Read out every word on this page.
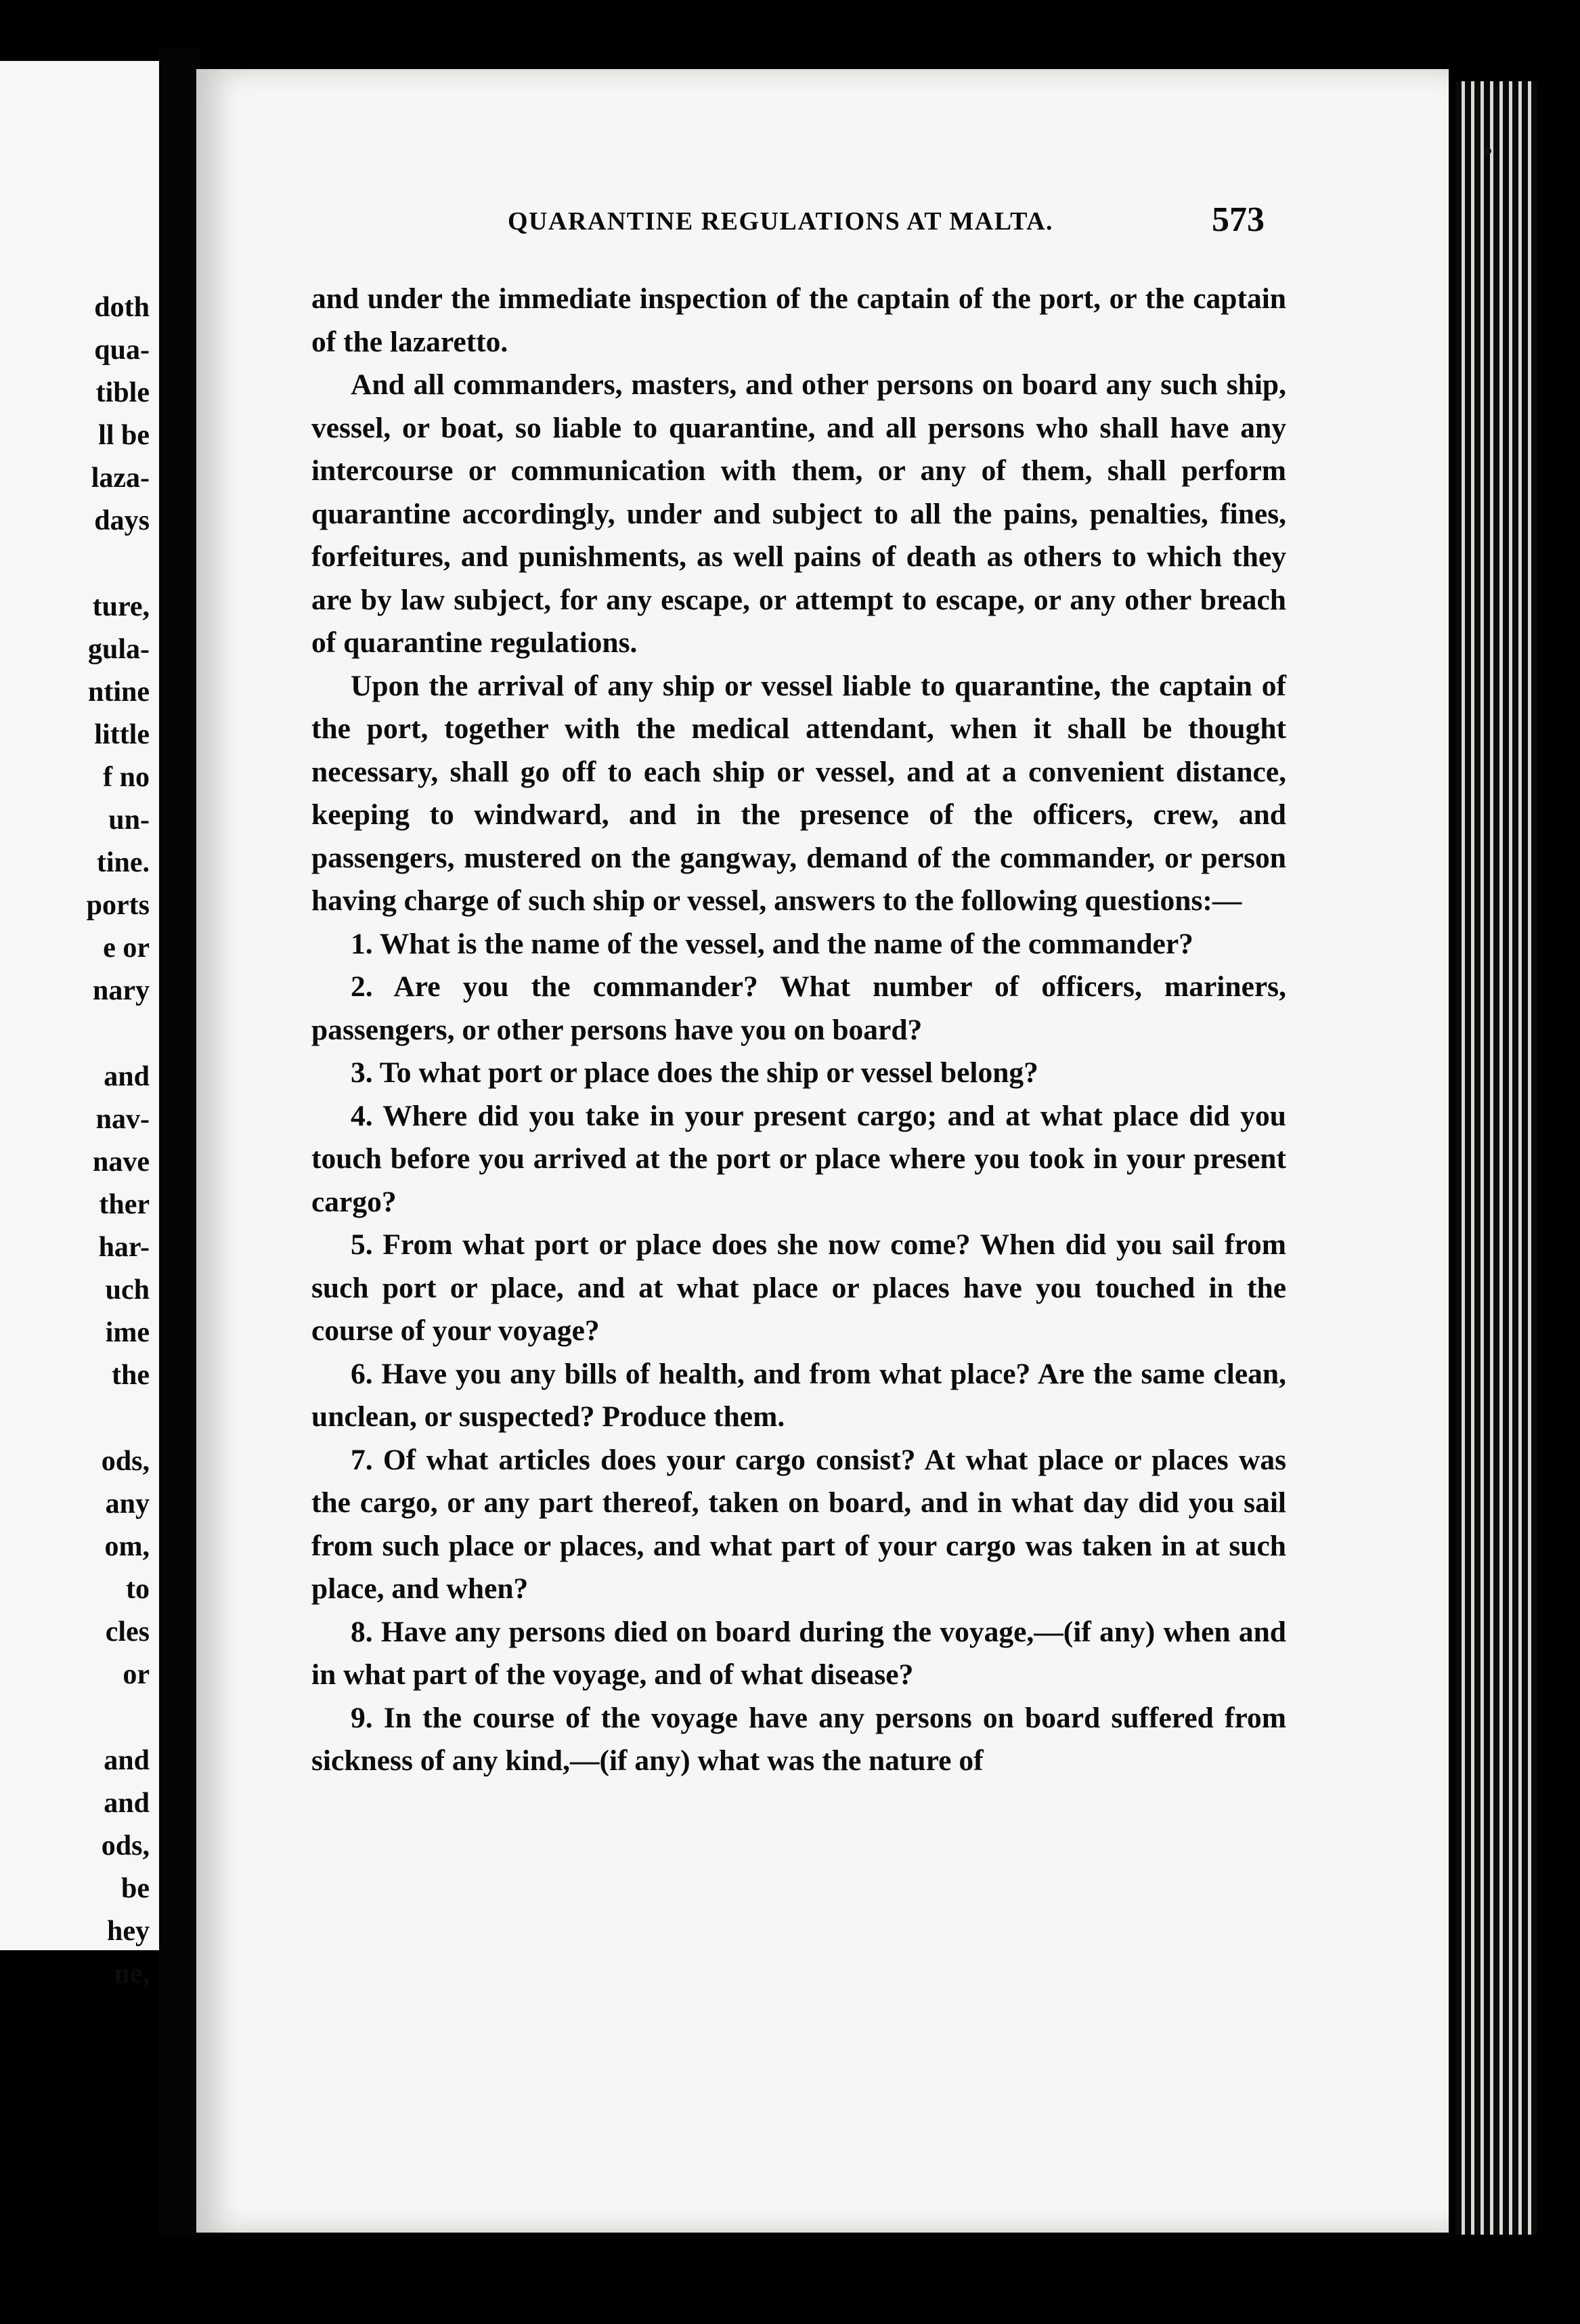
doth
qua-
tible
ll be
laza-
days
ture,
gula-
ntine
little
f no
un-
tine.
ports
e or
nary
and
nav-
nave
ther
har-
uch
ime
the
ods,
any
om,
to
cles
or
and
and
ods,
be
hey
ne,
QUARANTINE REGULATIONS AT MALTA.	573

and under the immediate inspection of the captain of the port, or the captain of the lazaretto.

And all commanders, masters, and other persons on board any such ship, vessel, or boat, so liable to quarantine, and all persons who shall have any intercourse or communication with them, or any of them, shall perform quarantine accordingly, under and subject to all the pains, penalties, fines, forfeitures, and punishments, as well pains of death as others to which they are by law subject, for any escape, or attempt to escape, or any other breach of quarantine regulations.

Upon the arrival of any ship or vessel liable to quarantine, the captain of the port, together with the medical attendant, when it shall be thought necessary, shall go off to each ship or vessel, and at a convenient distance, keeping to windward, and in the presence of the officers, crew, and passengers, mustered on the gangway, demand of the commander, or person having charge of such ship or vessel, answers to the following questions:—

1. What is the name of the vessel, and the name of the commander?

2. Are you the commander? What number of officers, mariners, passengers, or other persons have you on board?

3. To what port or place does the ship or vessel belong?

4. Where did you take in your present cargo; and at what place did you touch before you arrived at the port or place where you took in your present cargo?

5. From what port or place does she now come? When did you sail from such port or place, and at what place or places have you touched in the course of your voyage?

6. Have you any bills of health, and from what place? Are the same clean, unclean, or suspected? Produce them.

7. Of what articles does your cargo consist? At what place or places was the cargo, or any part thereof, taken on board, and in what day did you sail from such place or places, and what part of your cargo was taken in at such place, and when?

8. Have any persons died on board during the voyage,—(if any) when and in what part of the voyage, and of what disease?

9. In the course of the voyage have any persons on board suffered from sickness of any kind,—(if any) what was the nature of
